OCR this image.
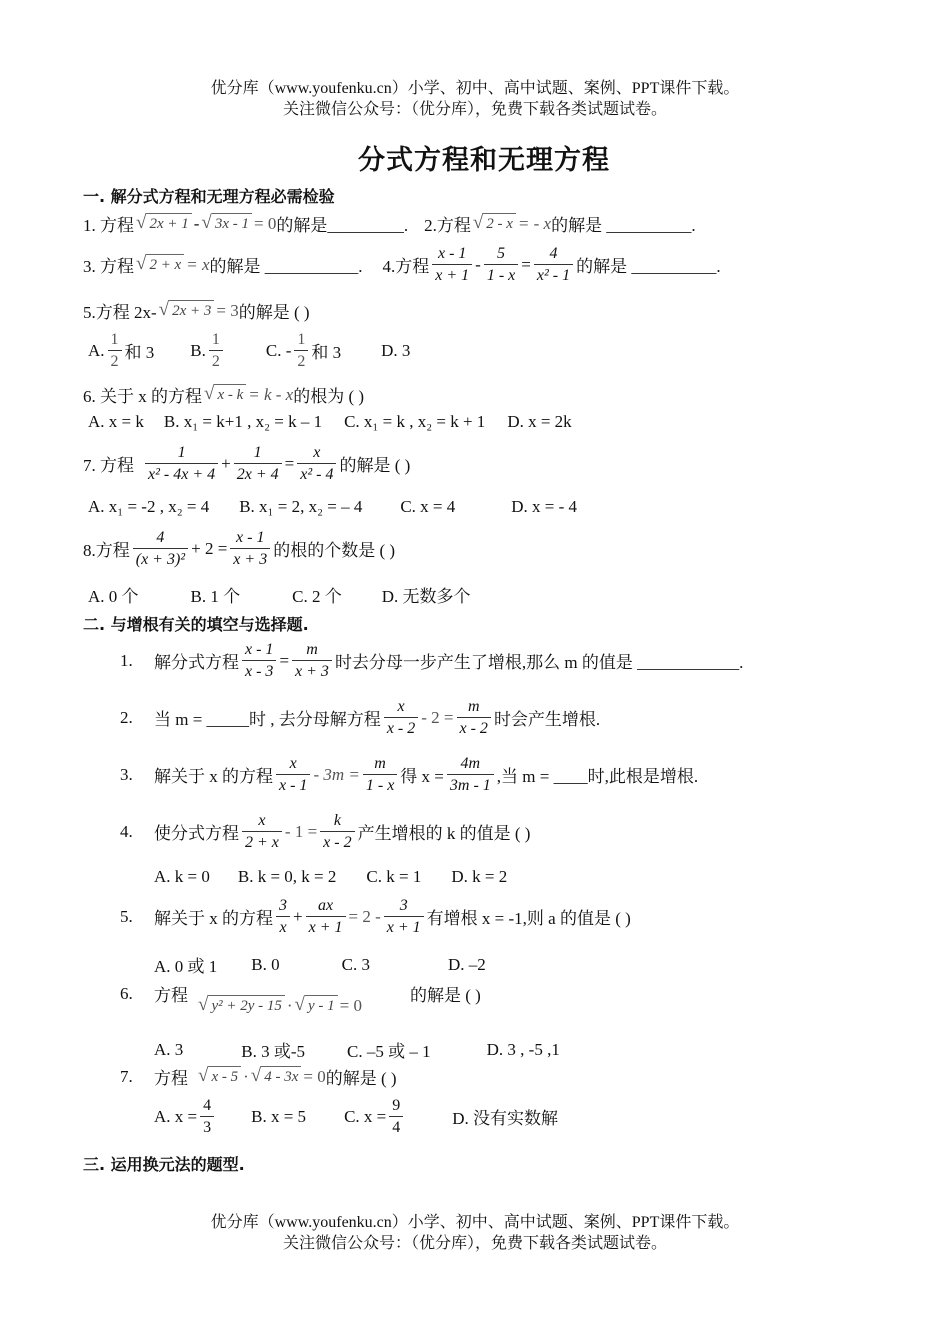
优分库（www.youfenku.cn）小学、初中、高中试题、案例、PPT课件下载。
关注微信公众号：（优分库），免费下载各类试题试卷。
分式方程和无理方程
一. 解分式方程和无理方程必需检验
1. 方程 √ 2x + 1 - √ 3x - 1 = 0 的解是_________. 2.方程 √ 2 - x = - x 的解是 __________.
3. 方程 √ 2 + x = x 的解是 ___________. 4.方程 $\frac{x - 1}{x + 1} - \frac{5}{1 - x} = \frac{4}{\text{x² - 1}}$ 的解是 __________.
5.方程 2x- √ 2x + 3 = 3 的解是 ( )
A. $\frac{1}{2}$ 和 3 B. $\frac{1}{2}$	C. - $\frac{1}{2}$ 和 3 D. 3
6. 关于 x 的方程 √ x - k = k - x 的根为 ( )
A. x = k B. x₁ = k+1 , x₂ = k – 1 C. x₁ = k , x₂ = k + 1 D. x = 2k
7. 方程 $\frac{1}{\text{x² - 4x + 4}} + \frac{1}{2x + 4} = \frac{x}{\text{x² - 4}}$ 的解是 ( )
A. x₁ = -2 , x₂ = 4 B. x₁ = 2, x₂ = – 4 C. x = 4	D. x = - 4
8.方程 $\frac{4}{\text{(x + 3)²}} + 2 = \frac{x - 1}{x + 3}$ 的根的个数是 ( )
A. 0 个	B. 1 个	C. 2 个 D. 无数多个
二. 与增根有关的填空与选择题.
1.	解分式方程 $\frac{x - 1}{x - 3} = \frac{m}{x + 3}$ 时去分母一步产生了增根,那么 m 的值是 ____________.
2.	当 m = _____时 , 去分母解方程 $\frac{x}{x - 2} - 2 = \frac{m}{x - 2}$ 时会产生增根.
3.	解关于 x 的方程 $\frac{x}{x - 1} - 3m = \frac{m}{1 - x}$ 得 $x = \frac{4m}{3m - 1}$ ,当 m = ____时,此根是增根.
4.	使分式方程 $\frac{x}{2 + x} - 1 = \frac{k}{x - 2}$ 产生增根的 k 的值是 ( )
A. k = 0 B. k = 0, k = 2 C. k = 1 D. k = 2
5.	解关于 x 的方程 $\frac{3}{x} + \frac{ax}{x + 1} = 2 - \frac{3}{x + 1}$ 有增根 x = -1,则 a 的值是 ( )
A. 0 或 1 B. 0	C. 3	D. –2
6.	方程 √ y² + 2y - 15 · √ y - 1 = 0	的解是 ( )
A. 3	B. 3 或-5 C. –5 或 – 1	D. 3 , -5 ,1
7.	方程 √ x - 5 · √ 4 - 3x = 0 的解是 ( )
A. $x = \frac{4}{3} B$. x = 5 C. $x = \frac{9}{4}$	D. 没有实数解
三. 运用换元法的题型.
优分库（www.youfenku.cn）小学、初中、高中试题、案例、PPT课件下载。
关注微信公众号：（优分库），免费下载各类试题试卷。
